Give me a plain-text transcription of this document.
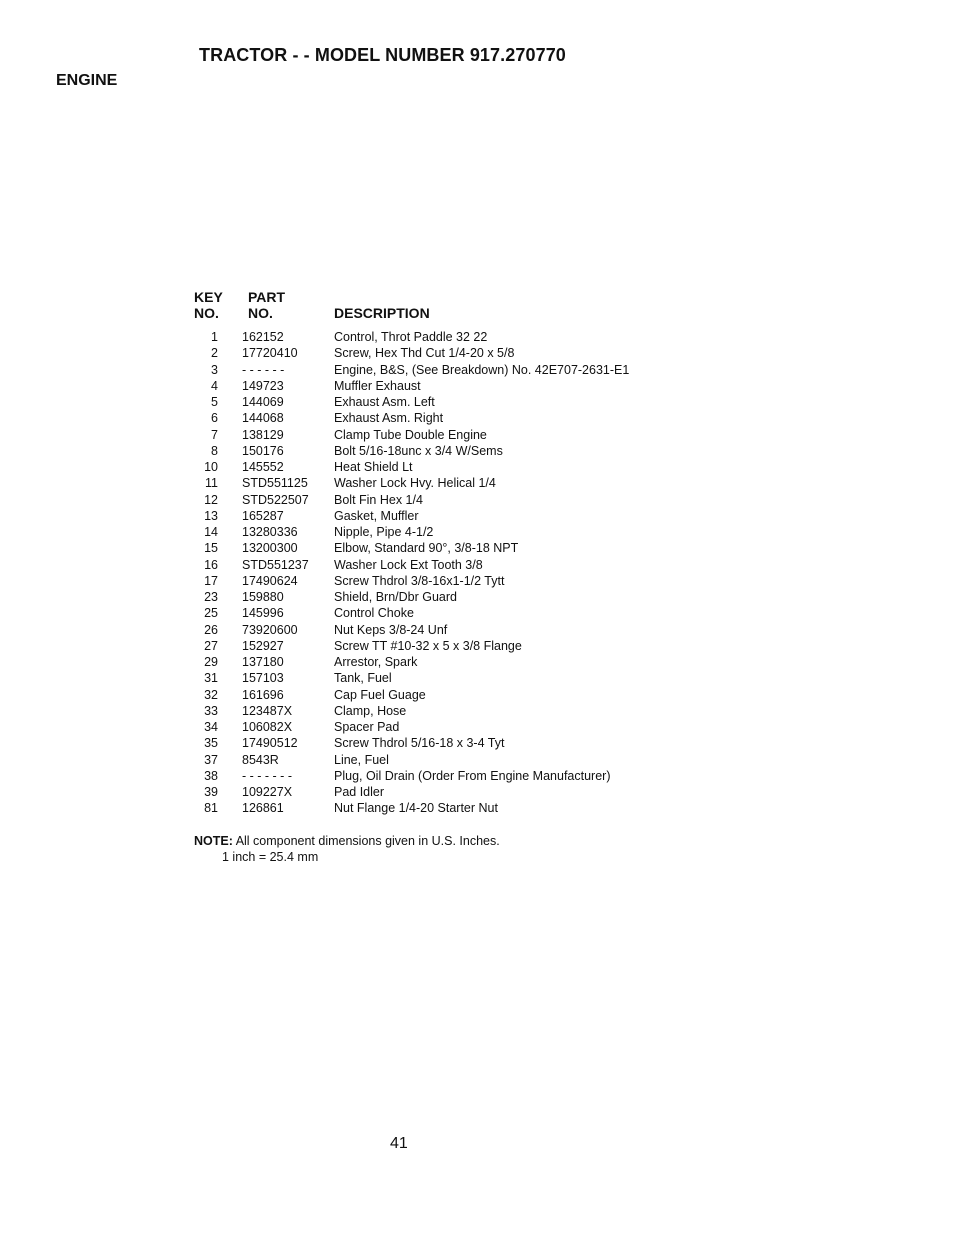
TRACTOR - - MODEL NUMBER 917.270770
ENGINE
KEY
NO.
PART
NO.	DESCRIPTION
1 162152	Control, Throt Paddle 32 22
2 17720410	Screw, Hex Thd Cut 1/4-20 x 5/8
3 - - - - - -	Engine, B&S, (See Breakdown) No. 42E707-2631-E1
4 149723	Muffler Exhaust
5 144069	Exhaust Asm. Left
6 144068	Exhaust Asm. Right
7 138129	Clamp Tube Double Engine
8 150176	Bolt 5/16-18unc x 3/4 W/Sems
10 145552	Heat Shield Lt
11 STD551125 Washer Lock Hvy. Helical 1/4
12 STD522507 Bolt Fin Hex 1/4
13 165287	Gasket, Muffler
14 13280336	Nipple, Pipe 4-1/2
15 13200300	Elbow, Standard 90°, 3/8-18 NPT
16 STD551237 Washer Lock Ext Tooth 3/8
17 17490624	Screw Thdrol 3/8-16x1-1/2 Tytt
23 159880	Shield, Brn/Dbr Guard
25 145996	Control Choke
26 73920600	Nut Keps 3/8-24 Unf
27 152927	Screw TT #10-32 x 5 x 3/8 Flange
29 137180	Arrestor, Spark
31 157103	Tank, Fuel
32 161696	Cap Fuel Guage
33 123487X	Clamp, Hose
34 106082X	Spacer Pad
35 17490512	Screw Thdrol 5/16-18 x 3-4 Tyt
37 8543R	Line, Fuel
38 - - - - - - -	Plug, Oil Drain (Order From Engine Manufacturer)
39 109227X	Pad Idler
81 126861	Nut Flange 1/4-20 Starter Nut
NOTE: All component dimensions given in U.S. Inches.
1 inch = 25.4 mm
41
